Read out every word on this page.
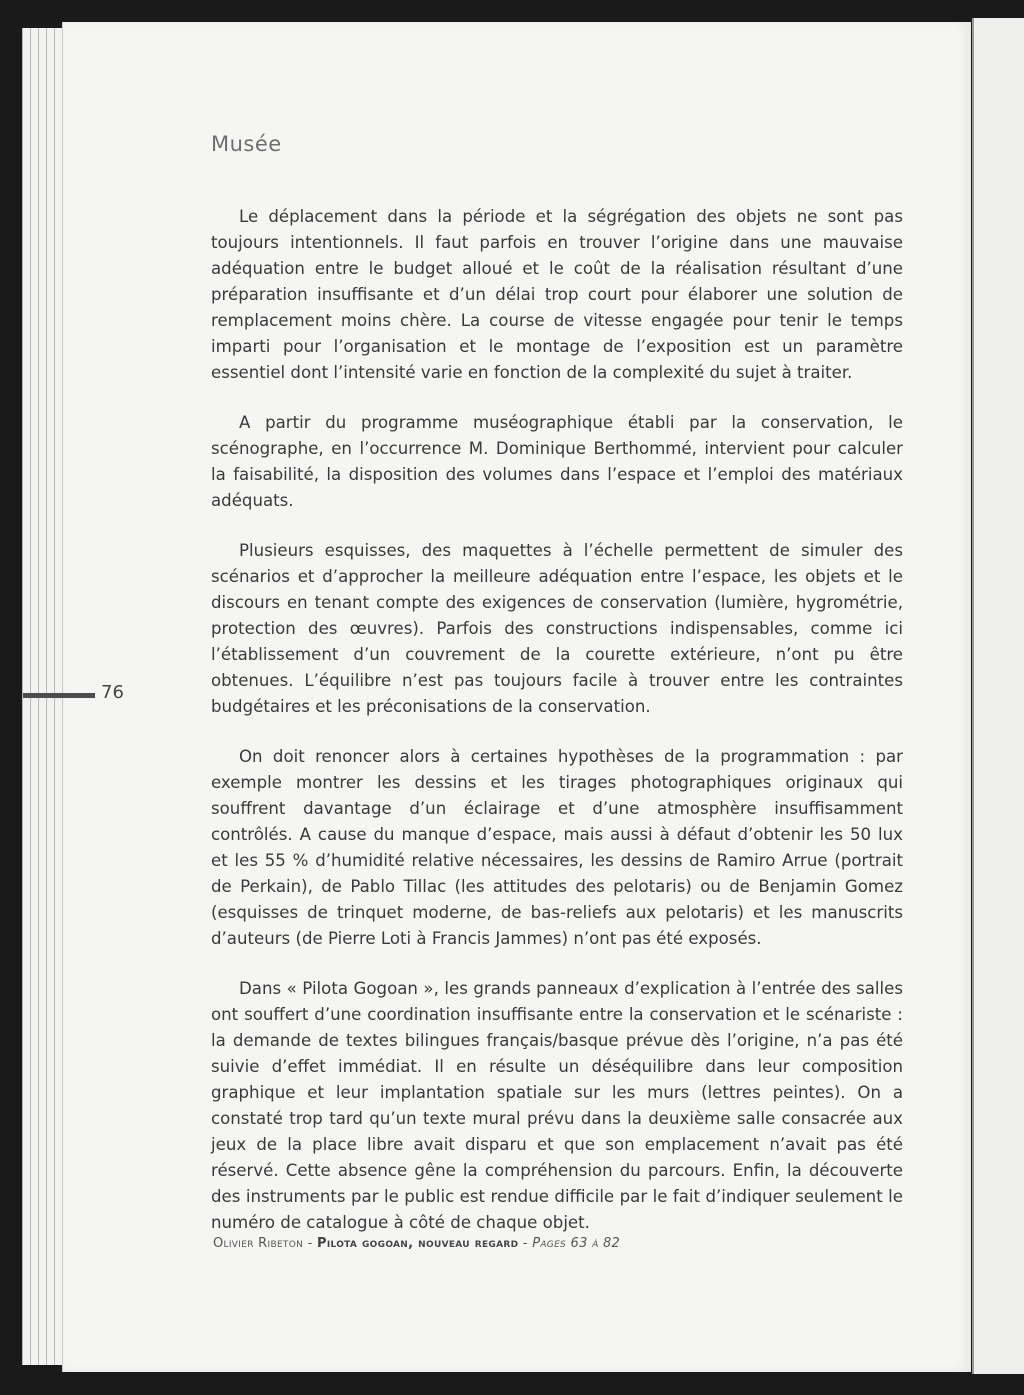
Musée
76

Le déplacement dans la période et la ségrégation des objets ne sont pas toujours intentionnels. Il faut parfois en trouver l’origine dans une mauvaise adéquation entre le budget alloué et le coût de la réalisation résultant d’une préparation insuffisante et d’un délai trop court pour élaborer une solution de remplacement moins chère. La course de vitesse engagée pour tenir le temps imparti pour l’organisation et le montage de l’exposition est un paramètre essentiel dont l’intensité varie en fonction de la complexité du sujet à traiter.

A partir du programme muséographique établi par la conservation, le scénographe, en l’occurrence M. Dominique Berthommé, intervient pour calculer la faisabilité, la disposition des volumes dans l’espace et l’emploi des matériaux adéquats.

Plusieurs esquisses, des maquettes à l’échelle permettent de simuler des scénarios et d’approcher la meilleure adéquation entre l’espace, les objets et le discours en tenant compte des exigences de conservation (lumière, hygrométrie, protection des œuvres). Parfois des constructions indispensables, comme ici l’établissement d’un couvrement de la courette extérieure, n’ont pu être obtenues. L’équilibre n’est pas toujours facile à trouver entre les contraintes budgétaires et les préconisations de la conservation.

On doit renoncer alors à certaines hypothèses de la programmation : par exemple montrer les dessins et les tirages photographiques originaux qui souffrent davantage d’un éclairage et d’une atmosphère insuffisamment contrôlés. A cause du manque d’espace, mais aussi à défaut d’obtenir les 50 lux et les 55 % d’humidité relative nécessaires, les dessins de Ramiro Arrue (portrait de Perkain), de Pablo Tillac (les attitudes des pelotaris) ou de Benjamin Gomez (esquisses de trinquet moderne, de bas-reliefs aux pelotaris) et les manuscrits d’auteurs (de Pierre Loti à Francis Jammes) n’ont pas été exposés.

Dans « Pilota Gogoan », les grands panneaux d’explication à l’entrée des salles ont souffert d’une coordination insuffisante entre la conservation et le scénariste : la demande de textes bilingues français/basque prévue dès l’origine, n’a pas été suivie d’effet immédiat. Il en résulte un déséquilibre dans leur composition graphique et leur implantation spatiale sur les murs (lettres peintes). On a constaté trop tard qu’un texte mural prévu dans la deuxième salle consacrée aux jeux de la place libre avait disparu et que son emplacement n’avait pas été réservé. Cette absence gêne la compréhension du parcours. Enfin, la découverte des instruments par le public est rendue difficile par le fait d’indiquer seulement le numéro de catalogue à côté de chaque objet.

Olivier Ribeton - Pilota gogoan, nouveau regard - Pages 63 à 82
